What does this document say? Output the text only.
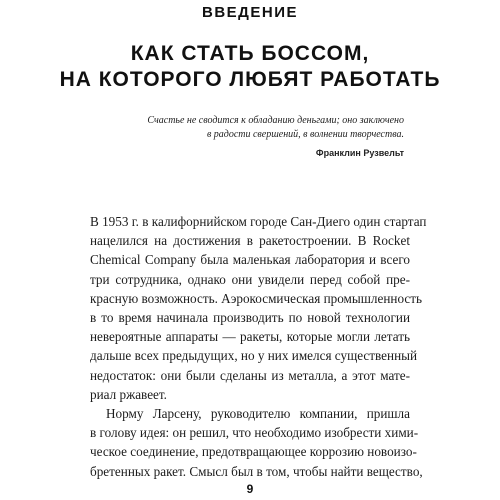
ВВЕДЕНИЕ
КАК СТАТЬ БОССОМ,
НА КОТОРОГО ЛЮБЯТ РАБОТАТЬ
Счастье не сводится к обладанию деньгами; оно заключено
в радости свершений, в волнении творчества.
Франклин Рузвельт
В 1953 г. в калифорнийском городе Сан-Диего один стартап
нацелился на достижения в ракетостроении. В Rocket
Chemical Company была маленькая лаборатория и всего
три сотрудника, однако они увидели перед собой пре-
красную возможность. Аэрокосмическая промышленность
в то время начинала производить по новой технологии
невероятные аппараты — ракеты, которые могли летать
дальше всех предыдущих, но у них имелся существенный
недостаток: они были сделаны из металла, а этот мате-
риал ржавеет.
Норму Ларсену, руководителю компании, пришла
в голову идея: он решил, что необходимо изобрести хими-
ческое соединение, предотвращающее коррозию новоизо-
бретенных ракет. Смысл был в том, чтобы найти вещество,
9
